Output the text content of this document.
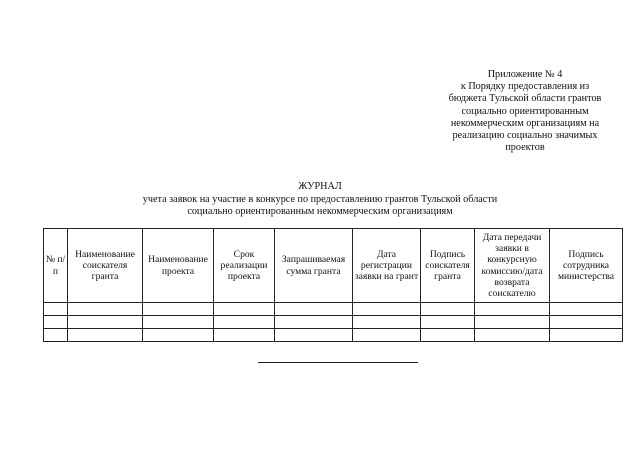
Приложение № 4
к Порядку предоставления из
бюджета Тульской области грантов
социально ориентированным
некоммерческим организациям на
реализацию социально значимых
проектов
ЖУРНАЛ
учета заявок на участие в конкурсе по предоставлению грантов Тульской области
социально ориентированным некоммерческим организациям
№ п/п	Наименование соискателя гранта	Наименование проекта	Срок реализации проекта	Запрашиваемая сумма гранта	Дата регистрации заявки на грант	Подпись соискателя гранта	Дата передачи заявки в конкурсную комиссию/дата возврата соискателю	Подпись сотрудника министерства
